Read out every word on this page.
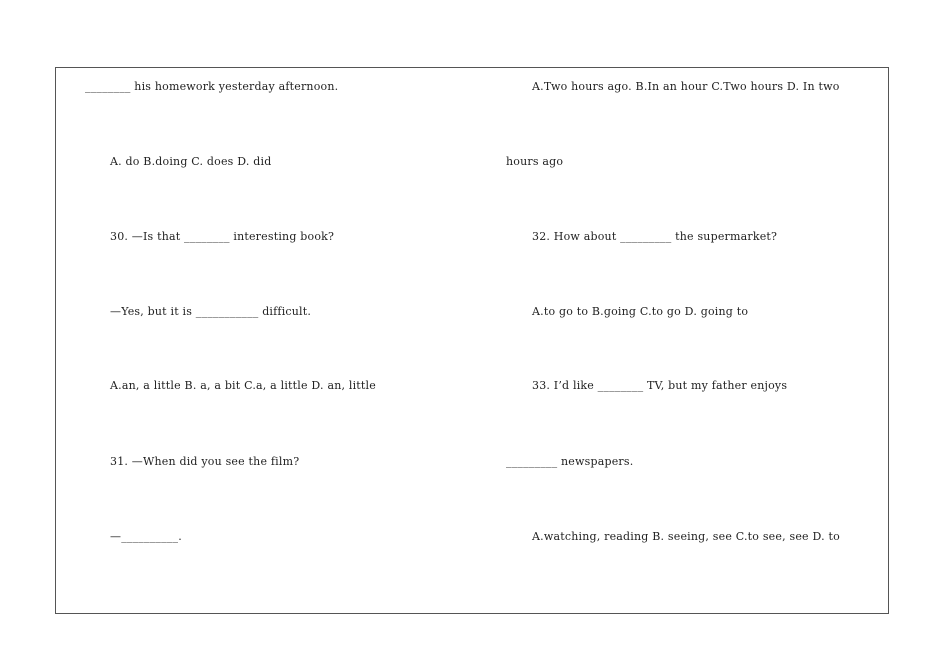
________ his homework yesterday afternoon.
A. do B.doing C. does D. did
30. —Is that ________ interesting book?
—Yes, but it is ___________ difficult.
A.an, a little B. a, a bit C.a, a little D. an, little
31. —When did you see the film?
—__________.
A.Two hours ago. B.In an hour C.Two hours D. In two
hours ago
32. How about _________ the supermarket?
A.to go to B.going C.to go D. going to
33. I’d like ________ TV, but my father enjoys
_________ newspapers.
A.watching, reading B. seeing, see C.to see, see D. to
